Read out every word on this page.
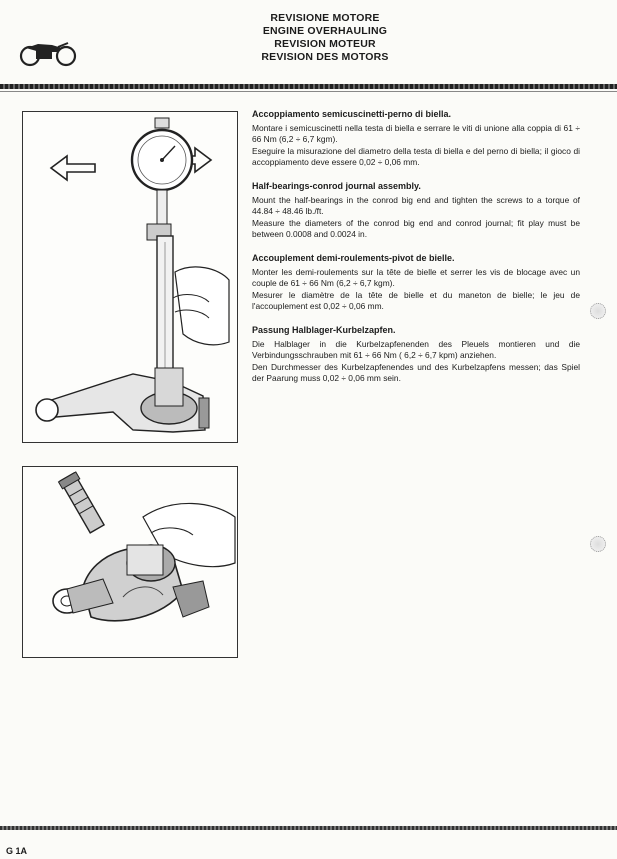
REVISIONE MOTORE
ENGINE OVERHAULING
REVISION MOTEUR
REVISION DES MOTORS
Accoppiamento semicuscinetti-perno di biella.
Montare i semicuscinetti nella testa di biella e serrare le viti di unione alla coppia di 61 ÷ 66 Nm (6,2 ÷ 6,7 kgm).
Eseguire la misurazione del diametro della testa di biella e del perno di biella; il gioco di accoppiamento deve essere 0,02 ÷ 0,06 mm.
Half-bearings-conrod journal assembly.
Mount the half-bearings in the conrod big end and tighten the screws to a torque of 44.84 ÷ 48.46 lb./ft.
Measure the diameters of the conrod big end and conrod journal; fit play must be between 0.0008 and 0.0024 in.
Accouplement demi-roulements-pivot de bielle.
Monter les demi-roulements sur la tête de bielle et serrer les vis de blocage avec un couple de 61 ÷ 66 Nm (6,2 ÷ 6,7 kgm).
Mesurer le diamètre de la tête de bielle et du maneton de bielle; le jeu de l'accouplement est 0,02 ÷ 0,06 mm.
Passung Halblager-Kurbelzapfen.
Die Halblager in die Kurbelzapfenenden des Pleuels montieren und die Verbindungsschrauben mit 61 ÷ 66 Nm ( 6,2 ÷ 6,7 kpm) anziehen.
Den Durchmesser des Kurbelzapfenendes und des Kurbelzapfens messen; das Spiel der Paarung muss 0,02 ÷ 0,06 mm sein.
G 1A
